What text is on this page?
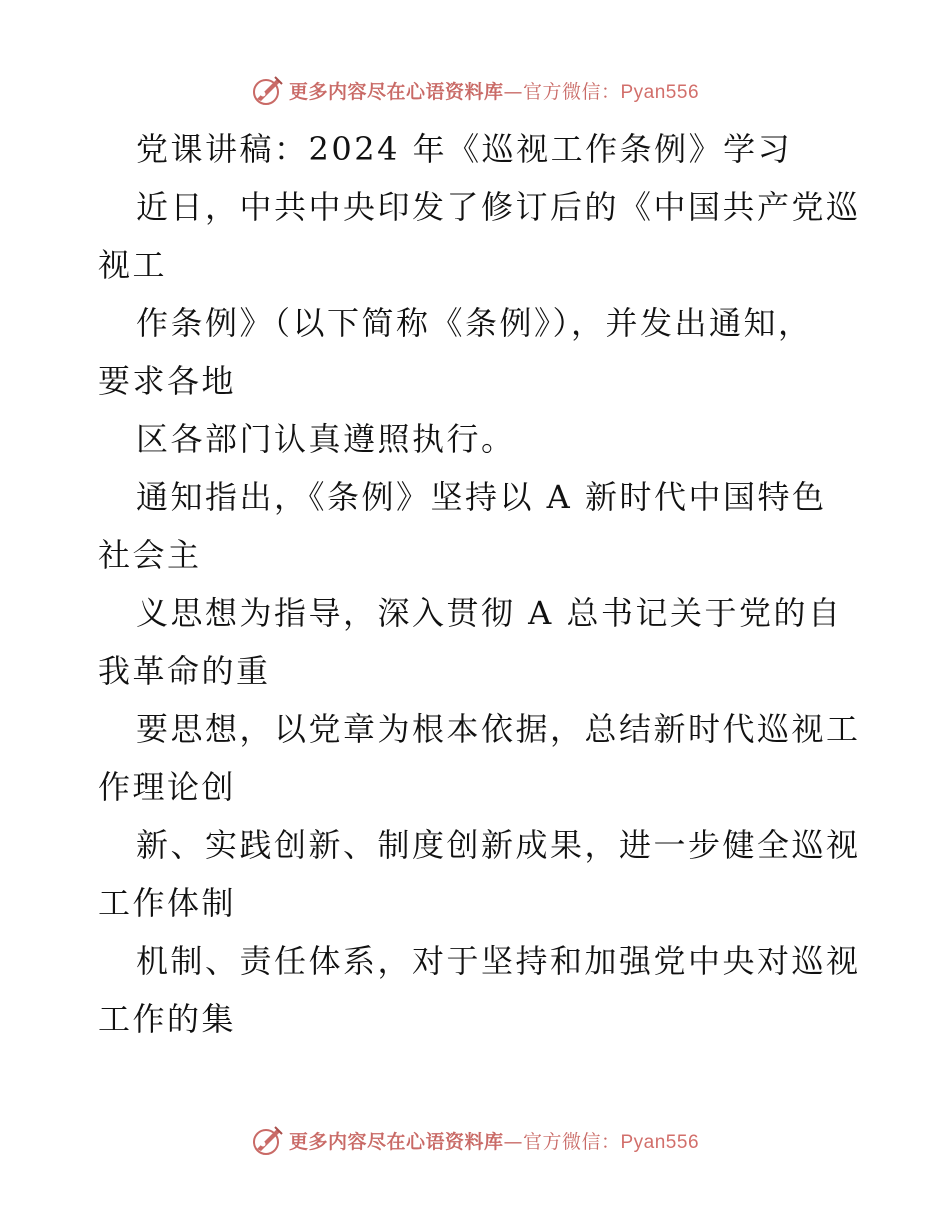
更多内容尽在心语资料库—官方微信：Pyan556
党课讲稿：2024 年《巡视工作条例》学习
近日，中共中央印发了修订后的《中国共产党巡
视工
作条例》（以下简称《条例》），并发出通知，
要求各地
区各部门认真遵照执行。
通知指出，《条例》坚持以 A 新时代中国特色
社会主
义思想为指导，深入贯彻 A 总书记关于党的自
我革命的重
要思想，以党章为根本依据，总结新时代巡视工
作理论创
新、实践创新、制度创新成果，进一步健全巡视
工作体制
机制、责任体系，对于坚持和加强党中央对巡视
工作的集
更多内容尽在心语资料库—官方微信：Pyan556
